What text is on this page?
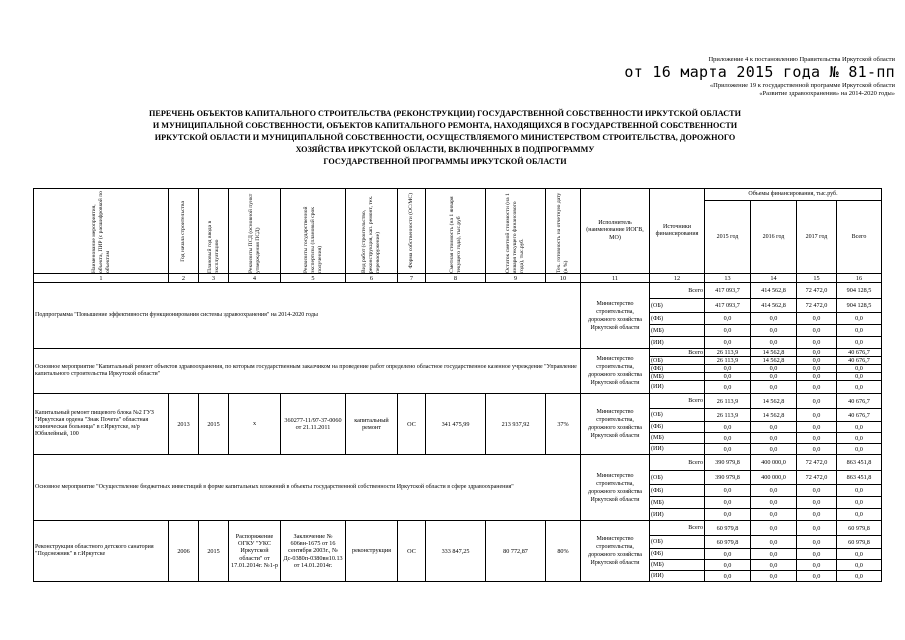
Приложение 4 к постановлению Правительства Иркутской области
от 16 марта 2015 года № 81-пп
«Приложение 19 к государственной программе Иркутской области
«Развитие здравоохранения» на 2014-2020 годы»
ПЕРЕЧЕНЬ ОБЪЕКТОВ КАПИТАЛЬНОГО СТРОИТЕЛЬСТВА (РЕКОНСТРУКЦИИ) ГОСУДАРСТВЕННОЙ СОБСТВЕННОСТИ ИРКУТСКОЙ ОБЛАСТИ
И МУНИЦИПАЛЬНОЙ СОБСТВЕННОСТИ, ОБЪЕКТОВ КАПИТАЛЬНОГО РЕМОНТА, НАХОДЯЩИХСЯ В ГОСУДАРСТВЕННОЙ СОБСТВЕННОСТИ
ИРКУТСКОЙ ОБЛАСТИ И МУНИЦИПАЛЬНОЙ СОБСТВЕННОСТИ, ОСУЩЕСТВЛЯЕМОГО МИНИСТЕРСТВОМ СТРОИТЕЛЬСТВА, ДОРОЖНОГО
ХОЗЯЙСТВА ИРКУТСКОЙ ОБЛАСТИ, ВКЛЮЧЕННЫХ В ПОДПРОГРАММУ
ГОСУДАРСТВЕННОЙ ПРОГРАММЫ ИРКУТСКОЙ ОБЛАСТИ
Наименование мероприятия, объекта, ПИР (с расшифровкой по объектам	Год начала строительства	Плановый год ввода в эксплуатацию	Реквизиты ПСД (основной пункт утверждения ПСД)	Реквизиты государственной экспертизы (плановый срок получения)	Вид работ (строительство, реконструкция, кап. ремонт, тех. перевооружение)	Форма собственности (ОС/МС)	Сметная стоимость (на 1 января текущего года), тыс.руб	Остаток сметной стоимости (на 1 января текущего финансового года), тыс.руб.	Тех. готовность на отчетную дату (в %)	Исполнитель (наименование ИОГВ, МО)	Источники финансирования	Объемы финансирования, тыс.руб.			
												2015 год	2016 год	2017 год	Всего
1	2	3	4	5	6	7	8	9	10	11	12	13	14	15	16
Подпрограмма "Повышение эффективности функционирования системы здравоохранения" на 2014-2020 годы										Министерство строительства, дорожного хозяйства Иркутской области	Всего	417 093,7	414 562,8	72 472,0	904 128,5
											(ОБ)	417 093,7	414 562,8	72 472,0	904 128,5
											(ФБ)	0,0	0,0	0,0	0,0
											(МБ)	0,0	0,0	0,0	0,0
											(ИИ)	0,0	0,0	0,0	0,0
Основное мероприятие "Капитальный ремонт объектов здравоохранения, по которым государственным заказчиком на проведение работ определено областное государственное казенное учреждение "Управление капитального строительства Иркутской области"										Министерство строительства, дорожного хозяйства Иркутской области	Всего	26 113,9	14 562,8	0,0	40 676,7
											(ОБ)	26 113,9	14 562,8	0,0	40 676,7
											(ФБ)	0,0	0,0	0,0	0,0
											(МБ)	0,0	0,0	0,0	0,0
											(ИИ)	0,0	0,0	0,0	0,0
Капитальный ремонт пищевого блока №2 ГУЗ "Иркутская ордена "Знак Почета" областная клиническая больница" в г.Иркутске, м/р Юбилейный, 100	2013	2015	х	360277-11/97-37-0060 от 21.11.2011	капитальный ремонт	ОС	341 475,99	213 937,92	37%	Министерство строительства, дорожного хозяйства Иркутской области	Всего	26 113,9	14 562,8	0,0	40 676,7
											(ОБ)	26 113,9	14 562,8	0,0	40 676,7
											(ФБ)	0,0	0,0	0,0	0,0
											(МБ)	0,0	0,0	0,0	0,0
											(ИИ)	0,0	0,0	0,0	0,0
Основное мероприятие "Осуществление бюджетных инвестиций в форме капитальных вложений в объекты государственной собственности Иркутской области в сфере здравоохранения"										Министерство строительства, дорожного хозяйства Иркутской области	Всего	390 979,8	400 000,0	72 472,0	863 451,8
											(ОБ)	390 979,8	400 000,0	72 472,0	863 451,8
											(ФБ)	0,0	0,0	0,0	0,0
											(МБ)	0,0	0,0	0,0	0,0
											(ИИ)	0,0	0,0	0,0	0,0
Реконструкция областного детского санатория "Подснежник" в г.Иркутске	2006	2015	Распоряжение ОГКУ "УКС Иркутской области" от 17.01.2014г. №1-р	Заключение № 606вн-1675 от 16 сентября 2003г., № Дс-0380п-0380вн10.13 от 14.01.2014г.	реконструкция	ОС	333 847,25	80 772,87	80%	Министерство строительства, дорожного хозяйства Иркутской области	Всего	60 979,8	0,0	0,0	60 979,8
											(ОБ)	60 979,8	0,0	0,0	60 979,8
											(ФБ)	0,0	0,0	0,0	0,0
											(МБ)	0,0	0,0	0,0	0,0
											(ИИ)	0,0	0,0	0,0	0,0
